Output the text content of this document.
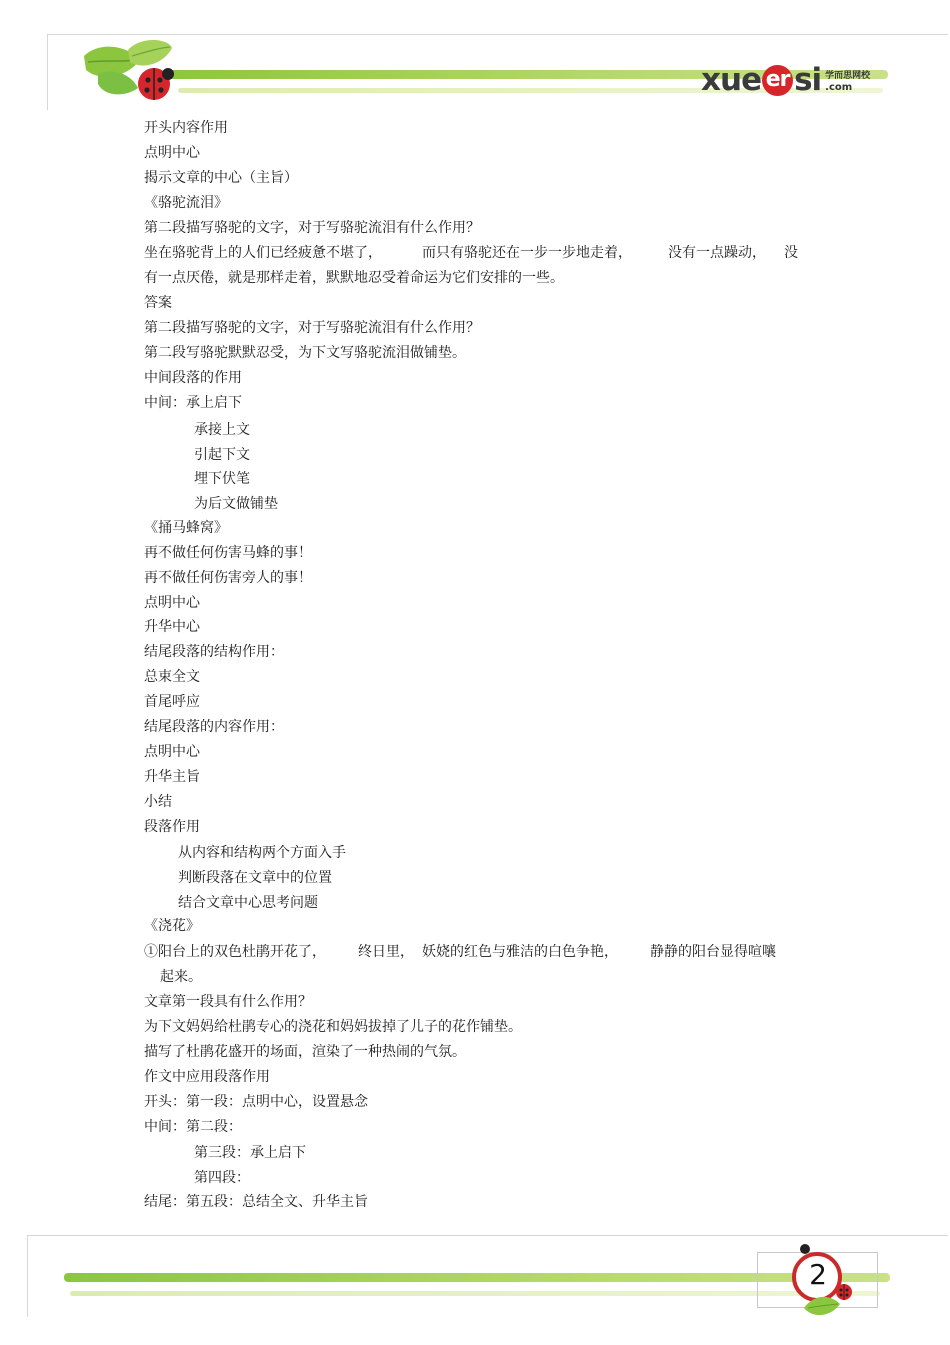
xue er si 学而思网校
.com
开头内容作用
点明中心
揭示文章的中心（主旨）
《骆驼流泪》
第二段描写骆驼的文字，对于写骆驼流泪有什么作用？
坐在骆驼背上的人们已经疲惫不堪了，	而只有骆驼还在一步一步地走着，	没有一点躁动， 没
有一点厌倦，就是那样走着，默默地忍受着命运为它们安排的一些。
答案
第二段描写骆驼的文字，对于写骆驼流泪有什么作用？
第二段写骆驼默默忍受，为下文写骆驼流泪做铺垫。
中间段落的作用
中间：承上启下
承接上文
引起下文
埋下伏笔
为后文做铺垫
《捅马蜂窝》
再不做任何伤害马蜂的事！
再不做任何伤害旁人的事！
点明中心
升华中心
结尾段落的结构作用：
总束全文
首尾呼应
结尾段落的内容作用：
点明中心
升华主旨
小结
段落作用
从内容和结构两个方面入手
判断段落在文章中的位置
结合文章中心思考问题
《浇花》
①阳台上的双色杜鹃开花了， 终日里， 妖娆的红色与雅洁的白色争艳， 静静的阳台显得喧嚷
起来。
文章第一段具有什么作用？
为下文妈妈给杜鹃专心的浇花和妈妈拔掉了儿子的花作铺垫。
描写了杜鹃花盛开的场面，渲染了一种热闹的气氛。
作文中应用段落作用
开头：第一段：点明中心，设置悬念
中间：第二段：
第三段：承上启下
第四段：
结尾：第五段：总结全文、升华主旨
2
